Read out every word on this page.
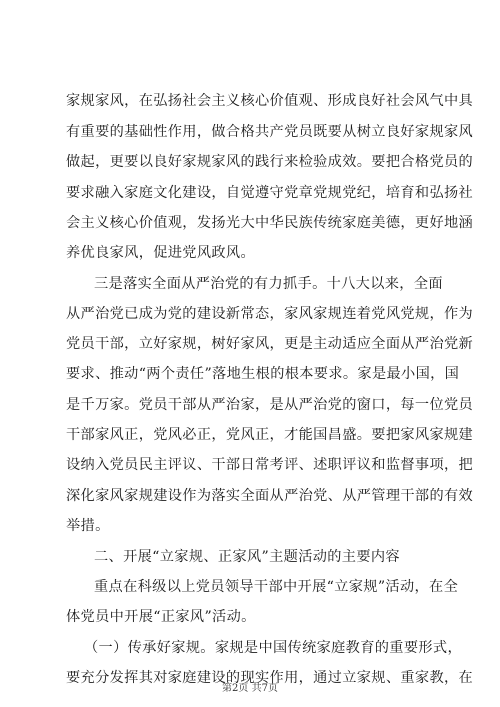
家规家风，在弘扬社会主义核心价值观、形成良好社会风气中具
有重要的基础性作用，做合格共产党员既要从树立良好家规家风
做起，更要以良好家规家风的践行来检验成效。要把合格党员的
要求融入家庭文化建设，自觉遵守党章党规党纪，培育和弘扬社
会主义核心价值观，发扬光大中华民族传统家庭美德，更好地涵
养优良家风，促进党风政风。
三是落实全面从严治党的有力抓手。十八大以来，全面
从严治党已成为党的建设新常态，家风家规连着党风党规，作为
党员干部，立好家规，树好家风，更是主动适应全面从严治党新
要求、推动“两个责任”落地生根的根本要求。家是最小国，国
是千万家。党员干部从严治家，是从严治党的窗口，每一位党员
干部家风正，党风必正，党风正，才能国昌盛。要把家风家规建
设纳入党员民主评议、干部日常考评、述职评议和监督事项，把
深化家风家规建设作为落实全面从严治党、从严管理干部的有效
举措。
二、开展“立家规、正家风”主题活动的主要内容
重点在科级以上党员领导干部中开展“立家规”活动，在全
体党员中开展“正家风”活动。
（一）传承好家规。家规是中国传统家庭教育的重要形式，
第2页 共7页
要充分发挥其对家庭建设的现实作用，通过立家规、重家教，在
